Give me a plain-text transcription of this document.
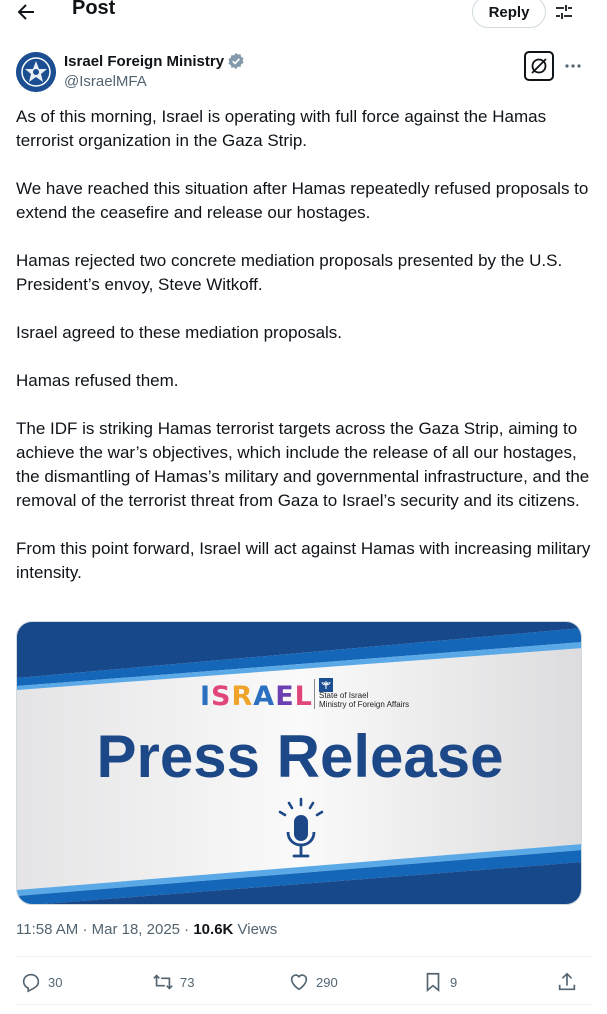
Post	Reply
Israel Foreign Ministry
@IsraelMFA

As of this morning, Israel is operating with full force against the Hamas terrorist organization in the Gaza Strip.

We have reached this situation after Hamas repeatedly refused proposals to extend the ceasefire and release our hostages.

Hamas rejected two concrete mediation proposals presented by the U.S. President’s envoy, Steve Witkoff.

Israel agreed to these mediation proposals.

Hamas refused them.

The IDF is striking Hamas terrorist targets across the Gaza Strip, aiming to achieve the war’s objectives, which include the release of all our hostages, the dismantling of Hamas’s military and governmental infrastructure, and the removal of the terrorist threat from Gaza to Israel’s security and its citizens.

From this point forward, Israel will act against Hamas with increasing military intensity.

ISRAEL State of Israel
Ministry of Foreign Affairs
Press Release
11:58 AM · Mar 18, 2025 · 10.6K Views
30	73	290	9
